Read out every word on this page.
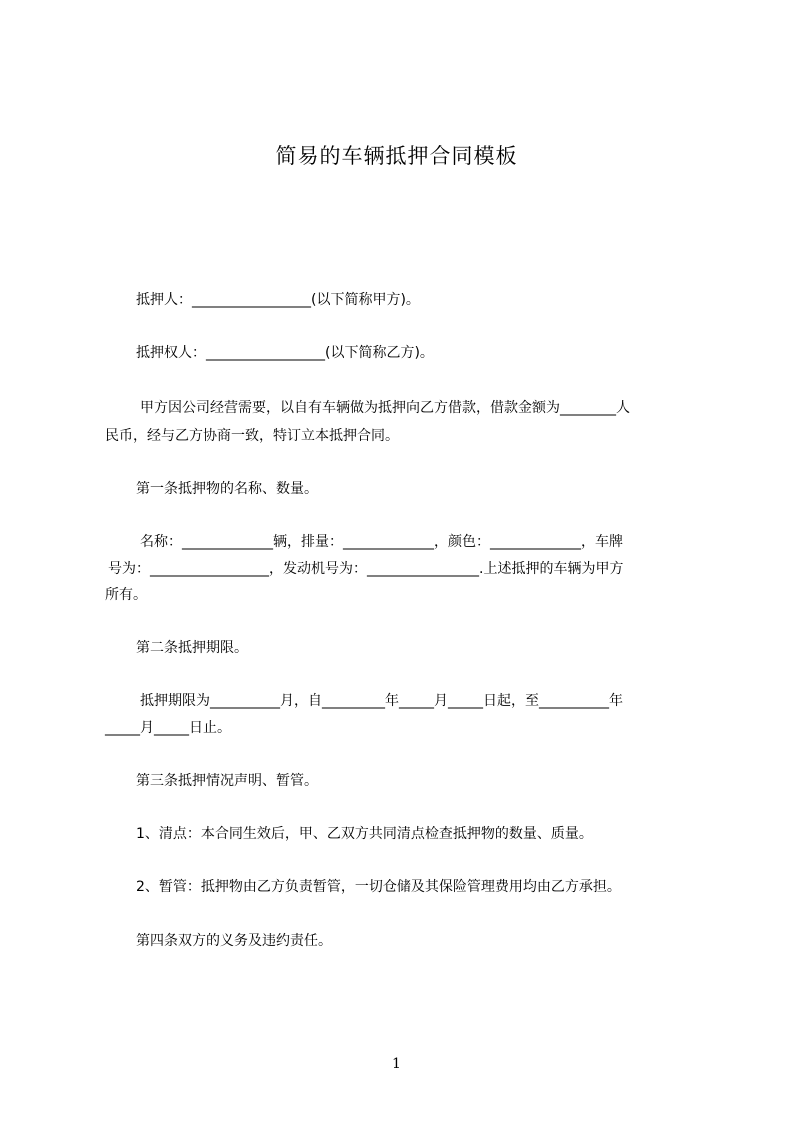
简易的车辆抵押合同模板
抵押人：_________________(以下简称甲方)。
抵押权人：_________________(以下简称乙方)。
甲方因公司经营需要，以自有车辆做为抵押向乙方借款，借款金额为________人
民币，经与乙方协商一致，特订立本抵押合同。
第一条抵押物的名称、数量。
名称：_____________辆，排量：_____________，颜色：_____________，车牌
号为：_________________，发动机号为：________________.上述抵押的车辆为甲方
所有。
第二条抵押期限。
抵押期限为__________月，自_________年_____月_____日起，至__________年
_____月_____日止。
第三条抵押情况声明、暂管。
1、清点：本合同生效后，甲、乙双方共同清点检查抵押物的数量、质量。
2、暂管：抵押物由乙方负责暂管，一切仓储及其保险管理费用均由乙方承担。
第四条双方的义务及违约责任。
1
